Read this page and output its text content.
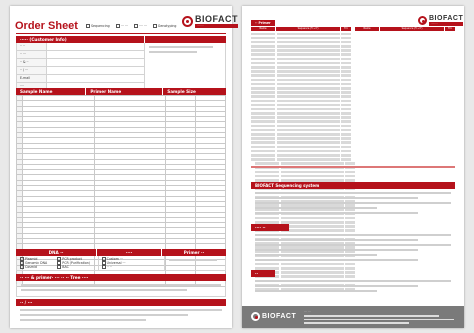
Order Sheet	Sequencing	··· ···	···· ···	Genotyping
BIOFACT
········
····· (Customer Info)
·· ··
·· ···
·· & ··
·· / ···
E-mail
····
Sample Name	Primer Name	Sample Size

DNA ··	····	Primer ··
Plasmid	PCR product
Genomic DNA	PCR (Purification)
Cosmid	BAC
Custom ···
Universal ···
·· ··
·· ··· & primer· ··· ·· ·· Tree ····
·· / ···
·· Primer
BIOFACT
········
Name	Sequence (5'→3')	Tm	Name	Sequence (5'→3')	Tm

BIOFACT Sequencing system
···· ··
··
BIOFACT
··· ···
